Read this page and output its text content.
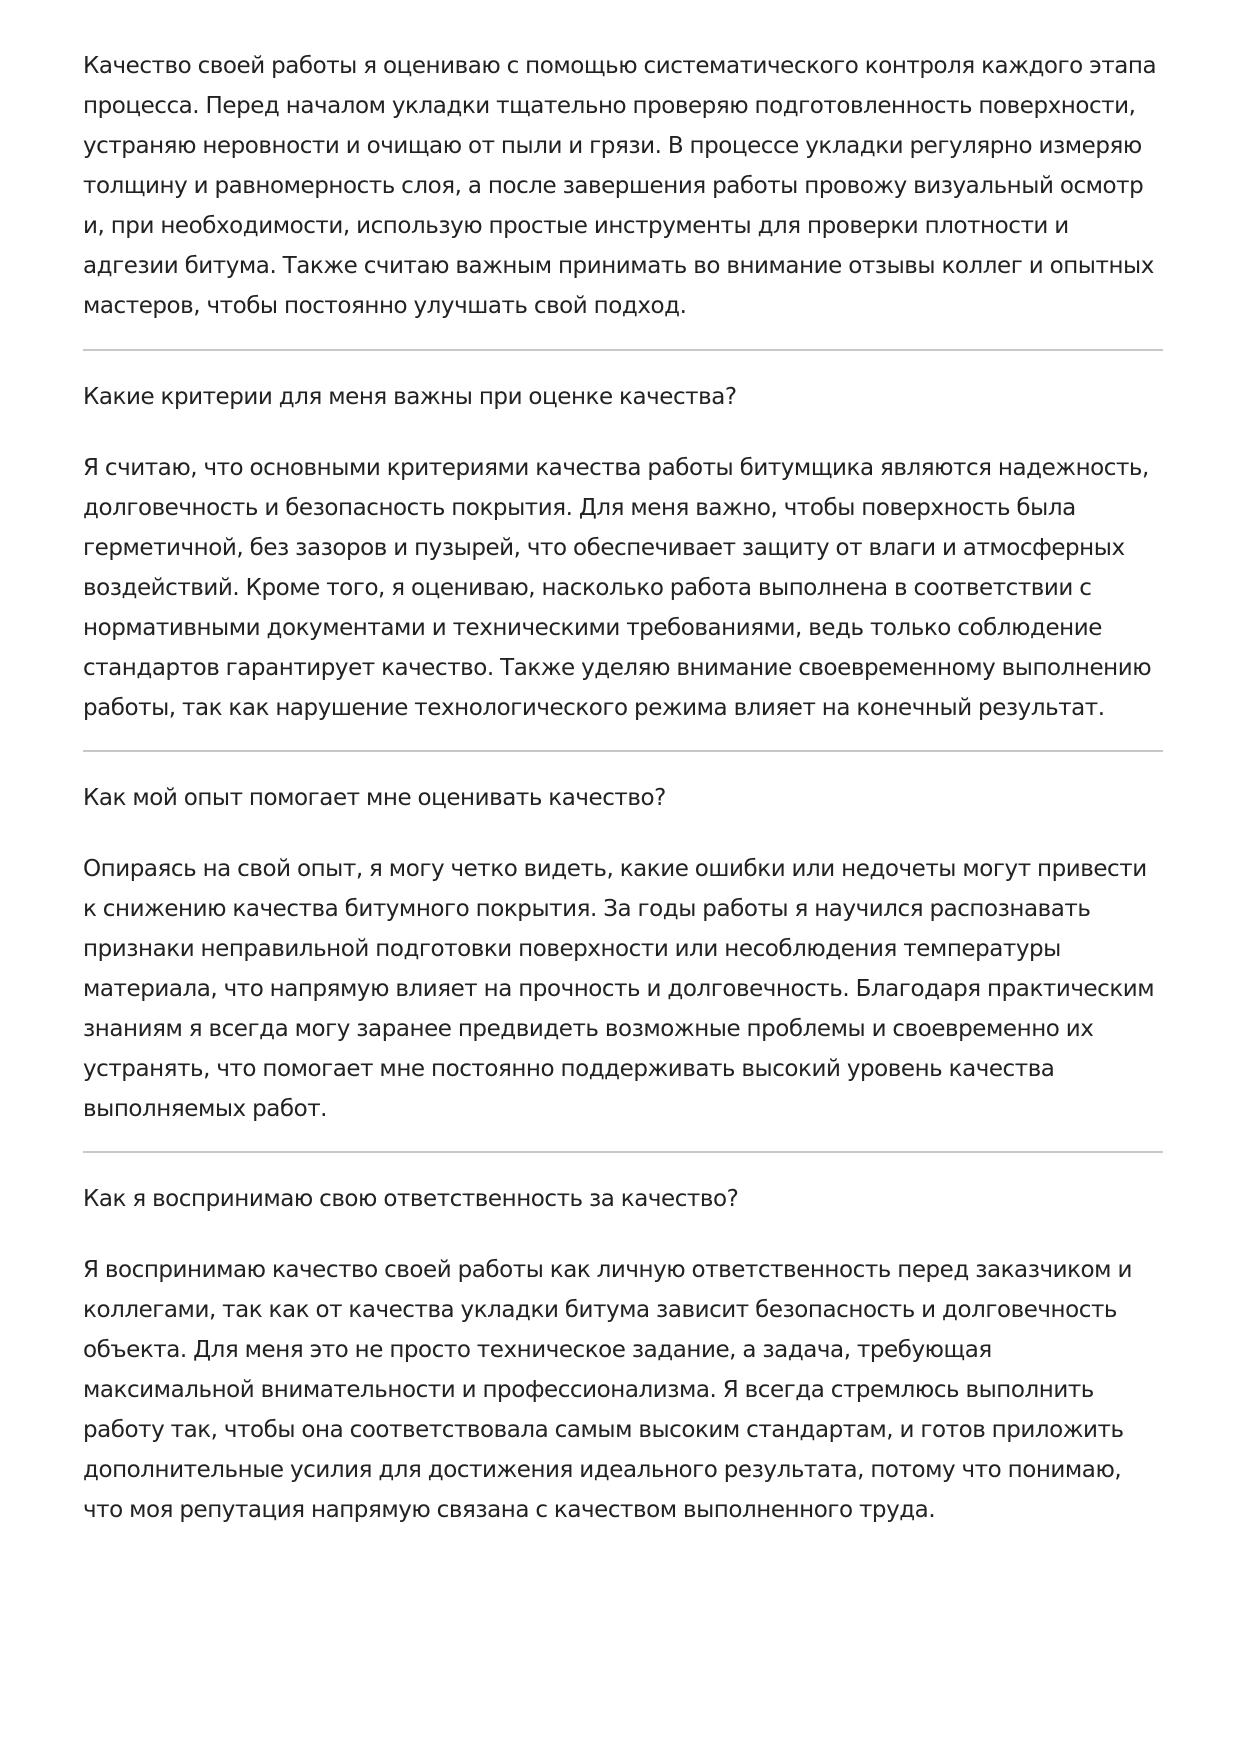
Качество своей работы я оцениваю с помощью систематического контроля каждого этапа процесса. Перед началом укладки тщательно проверяю подготовленность поверхности, устраняю неровности и очищаю от пыли и грязи. В процессе укладки регулярно измеряю толщину и равномерность слоя, а после завершения работы провожу визуальный осмотр и, при необходимости, использую простые инструменты для проверки плотности и адгезии битума. Также считаю важным принимать во внимание отзывы коллег и опытных мастеров, чтобы постоянно улучшать свой подход.

Какие критерии для меня важны при оценке качества?

Я считаю, что основными критериями качества работы битумщика являются надежность, долговечность и безопасность покрытия. Для меня важно, чтобы поверхность была герметичной, без зазоров и пузырей, что обеспечивает защиту от влаги и атмосферных воздействий. Кроме того, я оцениваю, насколько работа выполнена в соответствии с нормативными документами и техническими требованиями, ведь только соблюдение стандартов гарантирует качество. Также уделяю внимание своевременному выполнению работы, так как нарушение технологического режима влияет на конечный результат.

Как мой опыт помогает мне оценивать качество?

Опираясь на свой опыт, я могу четко видеть, какие ошибки или недочеты могут привести к снижению качества битумного покрытия. За годы работы я научился распознавать признаки неправильной подготовки поверхности или несоблюдения температуры материала, что напрямую влияет на прочность и долговечность. Благодаря практическим знаниям я всегда могу заранее предвидеть возможные проблемы и своевременно их устранять, что помогает мне постоянно поддерживать высокий уровень качества выполняемых работ.

Как я воспринимаю свою ответственность за качество?

Я воспринимаю качество своей работы как личную ответственность перед заказчиком и коллегами, так как от качества укладки битума зависит безопасность и долговечность объекта. Для меня это не просто техническое задание, а задача, требующая максимальной внимательности и профессионализма. Я всегда стремлюсь выполнить работу так, чтобы она соответствовала самым высоким стандартам, и готов приложить дополнительные усилия для достижения идеального результата, потому что понимаю, что моя репутация напрямую связана с качеством выполненного труда.
